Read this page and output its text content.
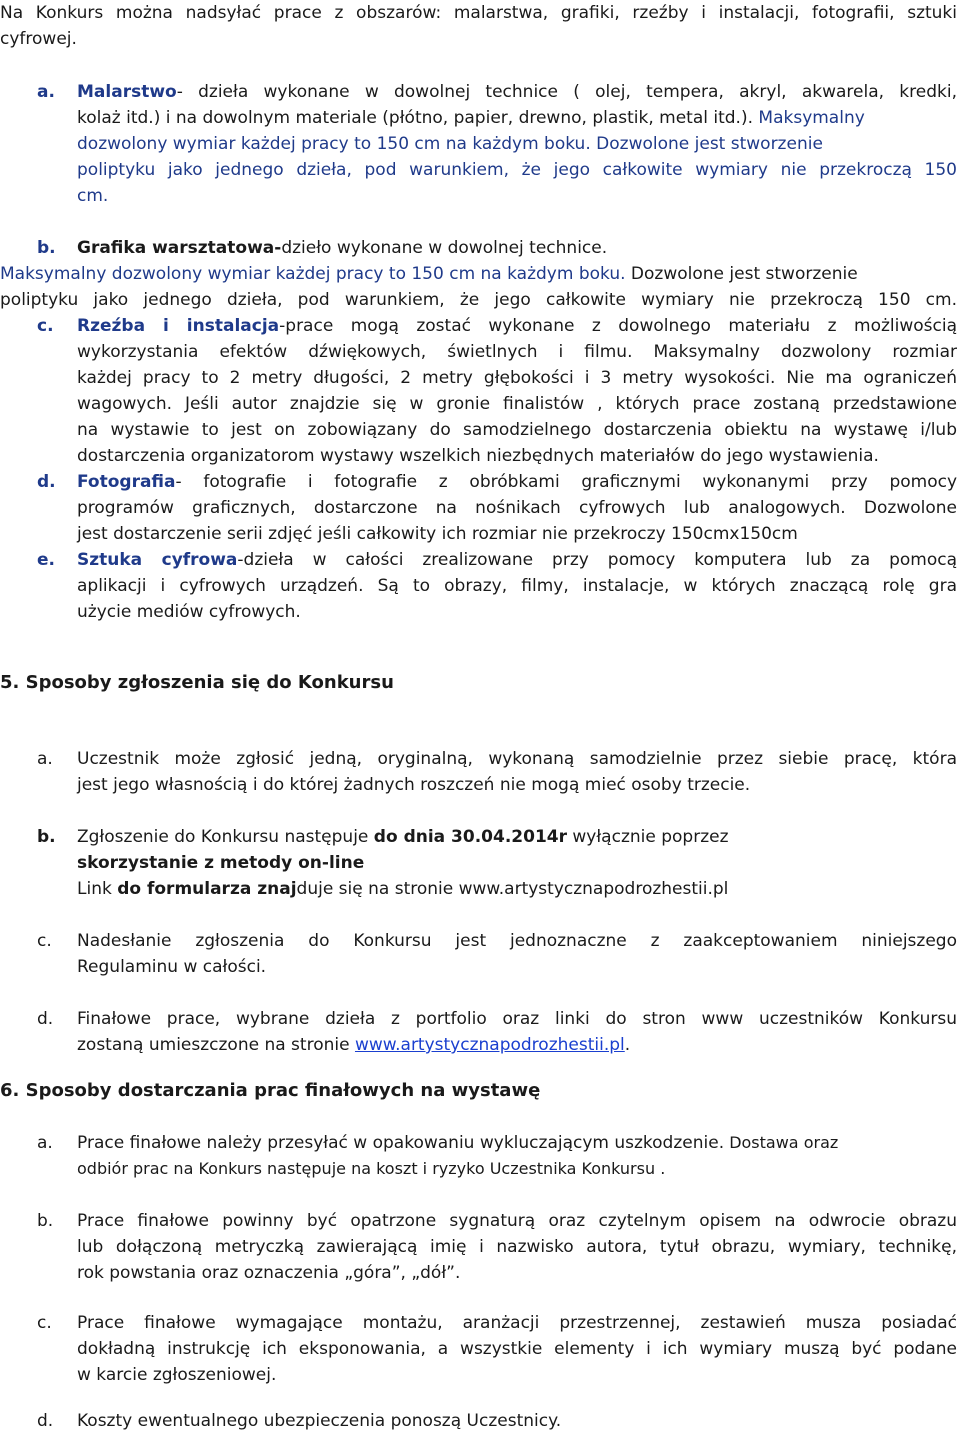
Na Konkurs można nadsyłać prace z obszarów: malarstwa, grafiki, rzeźby i instalacji, fotografii, sztuki
cyfrowej.
a. Malarstwo- dzieła wykonane w dowolnej technice ( olej, tempera, akryl, akwarela, kredki,
kolaż itd.) i na dowolnym materiale (płótno, papier, drewno, plastik, metal itd.). Maksymalny
dozwolony wymiar każdej pracy to 150 cm na każdym boku. Dozwolone jest stworzenie
poliptyku jako jednego dzieła, pod warunkiem, że jego całkowite wymiary nie przekroczą 150
cm.
b. Grafika warsztatowa-dzieło wykonane w dowolnej technice.
Maksymalny dozwolony wymiar każdej pracy to 150 cm na każdym boku. Dozwolone jest stworzenie
poliptyku jako jednego dzieła, pod warunkiem, że jego całkowite wymiary nie przekroczą 150 cm.
c. Rzeźba i instalacja-prace mogą zostać wykonane z dowolnego materiału z możliwością
wykorzystania efektów dźwiękowych, świetlnych i filmu. Maksymalny dozwolony rozmiar
każdej pracy to 2 metry długości, 2 metry głębokości i 3 metry wysokości. Nie ma ograniczeń
wagowych. Jeśli autor znajdzie się w gronie finalistów , których prace zostaną przedstawione
na wystawie to jest on zobowiązany do samodzielnego dostarczenia obiektu na wystawę i/lub
dostarczenia organizatorom wystawy wszelkich niezbędnych materiałów do jego wystawienia.
d. Fotografia- fotografie i fotografie z obróbkami graficznymi wykonanymi przy pomocy
programów graficznych, dostarczone na nośnikach cyfrowych lub analogowych. Dozwolone
jest dostarczenie serii zdjęć jeśli całkowity ich rozmiar nie przekroczy 150cmx150cm
e. Sztuka cyfrowa-dzieła w całości zrealizowane przy pomocy komputera lub za pomocą
aplikacji i cyfrowych urządzeń. Są to obrazy, filmy, instalacje, w których znaczącą rolę gra
użycie mediów cyfrowych.
5. Sposoby zgłoszenia się do Konkursu
a. Uczestnik może zgłosić jedną, oryginalną, wykonaną samodzielnie przez siebie pracę, która
jest jego własnością i do której żadnych roszczeń nie mogą mieć osoby trzecie.
b. Zgłoszenie do Konkursu następuje do dnia 30.04.2014r wyłącznie poprzez
skorzystanie z metody on-line
Link do formularza znajduje się na stronie www.artystycznapodrozhestii.pl
c. Nadesłanie zgłoszenia do Konkursu jest jednoznaczne z zaakceptowaniem niniejszego
Regulaminu w całości.
d. Finałowe prace, wybrane dzieła z portfolio oraz linki do stron www uczestników Konkursu
zostaną umieszczone na stronie www.artystycznapodrozhestii.pl.
6. Sposoby dostarczania prac finałowych na wystawę
a. Prace finałowe należy przesyłać w opakowaniu wykluczającym uszkodzenie. Dostawa oraz
odbiór prac na Konkurs następuje na koszt i ryzyko Uczestnika Konkursu .
b. Prace finałowe powinny być opatrzone sygnaturą oraz czytelnym opisem na odwrocie obrazu
lub dołączoną metryczką zawierającą imię i nazwisko autora, tytuł obrazu, wymiary, technikę,
rok powstania oraz oznaczenia „góra”, „dół”.
c. Prace finałowe wymagające montażu, aranżacji przestrzennej, zestawień musza posiadać
dokładną instrukcję ich eksponowania, a wszystkie elementy i ich wymiary muszą być podane
w karcie zgłoszeniowej.
d. Koszty ewentualnego ubezpieczenia ponoszą Uczestnicy.
